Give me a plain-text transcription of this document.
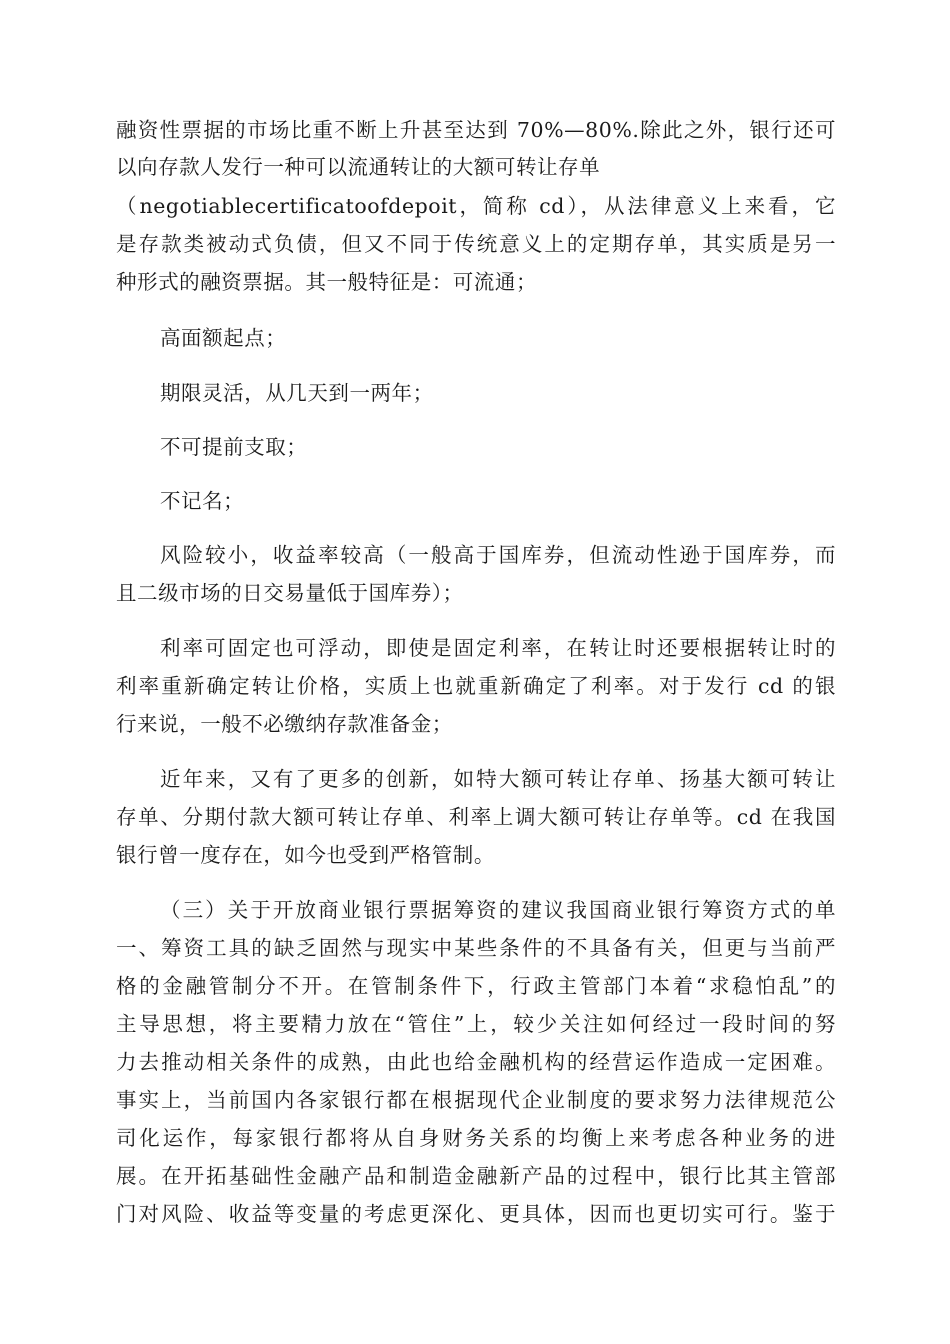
融资性票据的市场比重不断上升甚至达到 70%—80%.除此之外，银行还可
以向存款人发行一种可以流通转让的大额可转让存单
（negotiablecertificatoofdepoit，简称 cd），从法律意义上来看，它
是存款类被动式负债，但又不同于传统意义上的定期存单，其实质是另一
种形式的融资票据。其一般特征是：可流通；
高面额起点；
期限灵活，从几天到一两年；
不可提前支取；
不记名；
风险较小，收益率较高（一般高于国库券，但流动性逊于国库券，而
且二级市场的日交易量低于国库券）；
利率可固定也可浮动，即使是固定利率，在转让时还要根据转让时的
利率重新确定转让价格，实质上也就重新确定了利率。对于发行 cd 的银
行来说，一般不必缴纳存款准备金；
近年来，又有了更多的创新，如特大额可转让存单、扬基大额可转让
存单、分期付款大额可转让存单、利率上调大额可转让存单等。cd 在我国
银行曾一度存在，如今也受到严格管制。
（三）关于开放商业银行票据筹资的建议我国商业银行筹资方式的单
一、筹资工具的缺乏固然与现实中某些条件的不具备有关，但更与当前严
格的金融管制分不开。在管制条件下，行政主管部门本着“求稳怕乱”的
主导思想，将主要精力放在“管住”上，较少关注如何经过一段时间的努
力去推动相关条件的成熟，由此也给金融机构的经营运作造成一定困难。
事实上，当前国内各家银行都在根据现代企业制度的要求努力法律规范公
司化运作，每家银行都将从自身财务关系的均衡上来考虑各种业务的进
展。在开拓基础性金融产品和制造金融新产品的过程中，银行比其主管部
门对风险、收益等变量的考虑更深化、更具体，因而也更切实可行。鉴于
